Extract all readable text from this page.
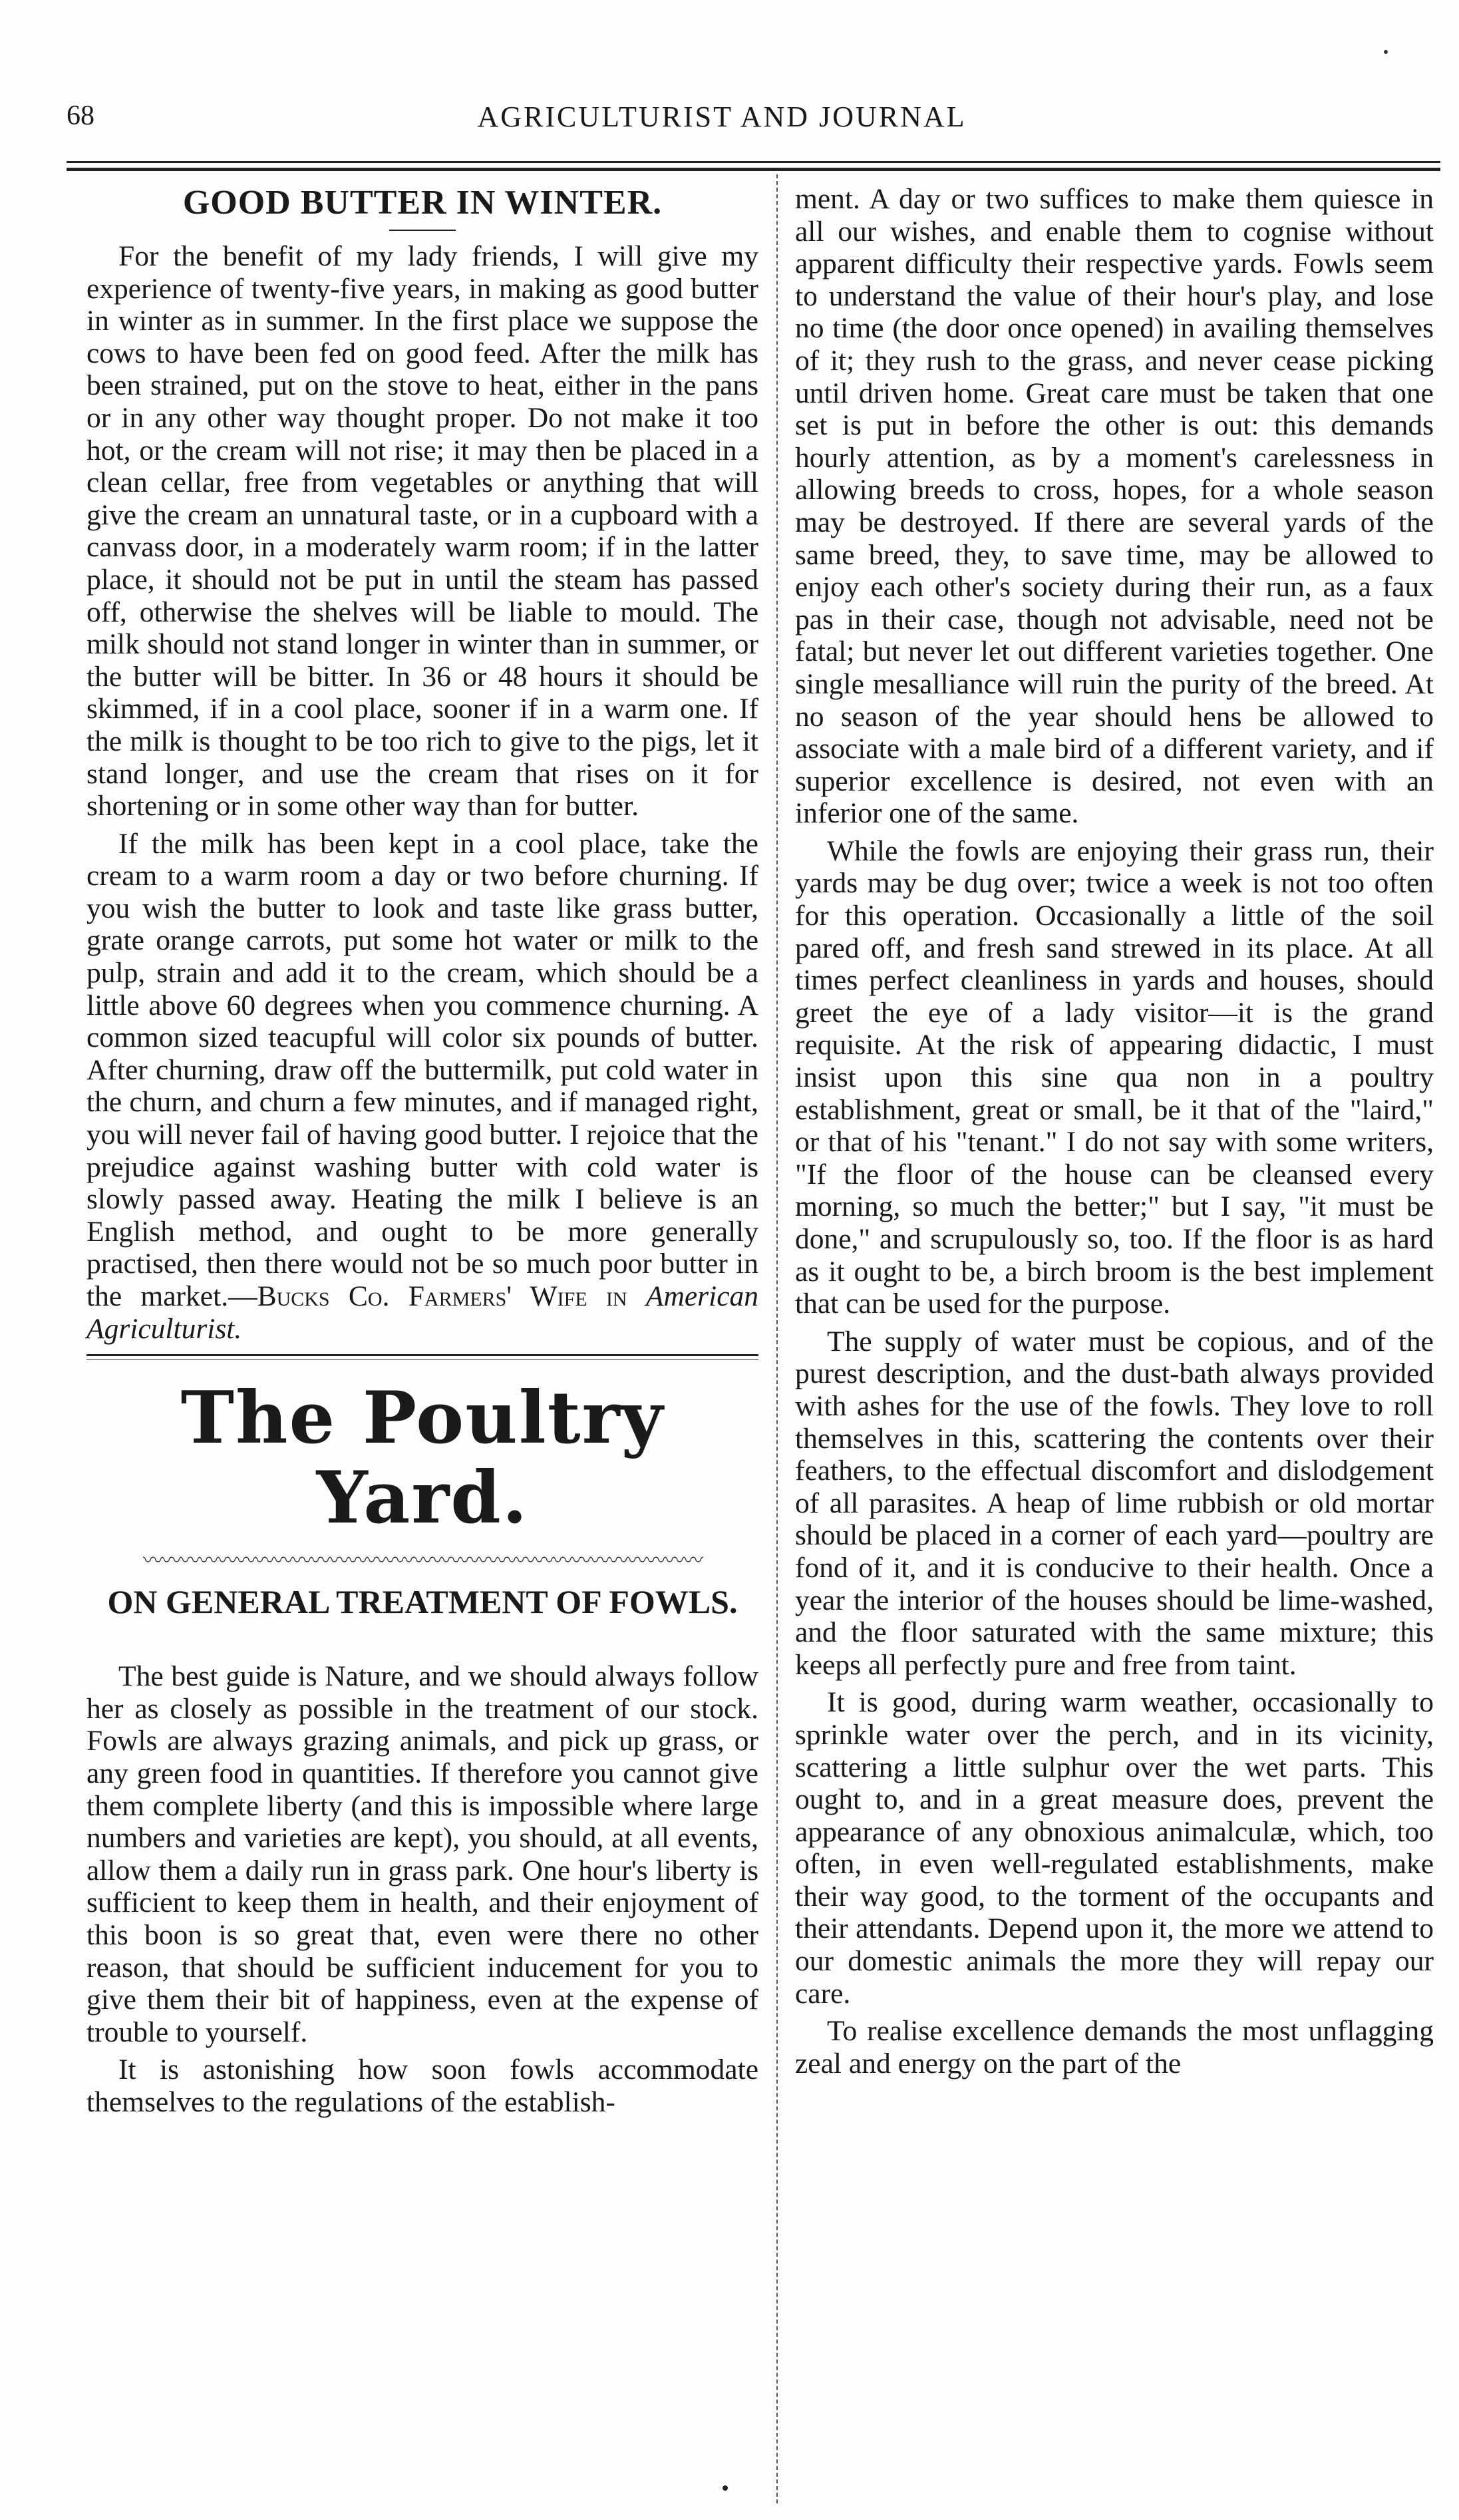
68	AGRICULTURIST AND JOURNAL
GOOD BUTTER IN WINTER.

For the benefit of my lady friends, I will give my experience of twenty-five years, in making as good butter in winter as in summer. In the first place we suppose the cows to have been fed on good feed. After the milk has been strained, put on the stove to heat, either in the pans or in any other way thought proper. Do not make it too hot, or the cream will not rise; it may then be placed in a clean cellar, free from vegetables or anything that will give the cream an unnatural taste, or in a cupboard with a canvass door, in a moderately warm room; if in the latter place, it should not be put in until the steam has passed off, otherwise the shelves will be liable to mould. The milk should not stand longer in winter than in summer, or the butter will be bitter. In 36 or 48 hours it should be skimmed, if in a cool place, sooner if in a warm one. If the milk is thought to be too rich to give to the pigs, let it stand longer, and use the cream that rises on it for shortening or in some other way than for butter.

If the milk has been kept in a cool place, take the cream to a warm room a day or two before churning. If you wish the butter to look and taste like grass butter, grate orange carrots, put some hot water or milk to the pulp, strain and add it to the cream, which should be a little above 60 degrees when you commence churning. A common sized teacupful will color six pounds of butter. After churning, draw off the buttermilk, put cold water in the churn, and churn a few minutes, and if managed right, you will never fail of having good butter. I rejoice that the prejudice against washing butter with cold water is slowly passed away. Heating the milk I believe is an English method, and ought to be more generally practised, then there would not be so much poor butter in the market.—Bucks Co. Farmers' Wife in American Agriculturist.

The Poultry Yard.
〰〰〰〰〰〰〰〰〰〰〰〰〰〰〰〰〰〰〰〰〰〰〰〰〰〰〰〰〰〰
ON GENERAL TREATMENT OF FOWLS.

The best guide is Nature, and we should always follow her as closely as possible in the treatment of our stock. Fowls are always grazing animals, and pick up grass, or any green food in quantities. If therefore you cannot give them complete liberty (and this is impossible where large numbers and varieties are kept), you should, at all events, allow them a daily run in grass park. One hour's liberty is sufficient to keep them in health, and their enjoyment of this boon is so great that, even were there no other reason, that should be sufficient inducement for you to give them their bit of happiness, even at the expense of trouble to yourself.

It is astonishing how soon fowls accommodate themselves to the regulations of the establish-

ment. A day or two suffices to make them quiesce in all our wishes, and enable them to cognise without apparent difficulty their respective yards. Fowls seem to understand the value of their hour's play, and lose no time (the door once opened) in availing themselves of it; they rush to the grass, and never cease picking until driven home. Great care must be taken that one set is put in before the other is out: this demands hourly attention, as by a moment's carelessness in allowing breeds to cross, hopes, for a whole season may be destroyed. If there are several yards of the same breed, they, to save time, may be allowed to enjoy each other's society during their run, as a faux pas in their case, though not advisable, need not be fatal; but never let out different varieties together. One single mesalliance will ruin the purity of the breed. At no season of the year should hens be allowed to associate with a male bird of a different variety, and if superior excellence is desired, not even with an inferior one of the same.

While the fowls are enjoying their grass run, their yards may be dug over; twice a week is not too often for this operation. Occasionally a little of the soil pared off, and fresh sand strewed in its place. At all times perfect cleanliness in yards and houses, should greet the eye of a lady visitor—it is the grand requisite. At the risk of appearing didactic, I must insist upon this sine qua non in a poultry establishment, great or small, be it that of the "laird," or that of his "tenant." I do not say with some writers, "If the floor of the house can be cleansed every morning, so much the better;" but I say, "it must be done," and scrupulously so, too. If the floor is as hard as it ought to be, a birch broom is the best implement that can be used for the purpose.

The supply of water must be copious, and of the purest description, and the dust-bath always provided with ashes for the use of the fowls. They love to roll themselves in this, scattering the contents over their feathers, to the effectual discomfort and dislodgement of all parasites. A heap of lime rubbish or old mortar should be placed in a corner of each yard—poultry are fond of it, and it is conducive to their health. Once a year the interior of the houses should be lime-washed, and the floor saturated with the same mixture; this keeps all perfectly pure and free from taint.

It is good, during warm weather, occasionally to sprinkle water over the perch, and in its vicinity, scattering a little sulphur over the wet parts. This ought to, and in a great measure does, prevent the appearance of any obnoxious animalculæ, which, too often, in even well-regulated establishments, make their way good, to the torment of the occupants and their attendants. Depend upon it, the more we attend to our domestic animals the more they will repay our care.

To realise excellence demands the most unflagging zeal and energy on the part of the
